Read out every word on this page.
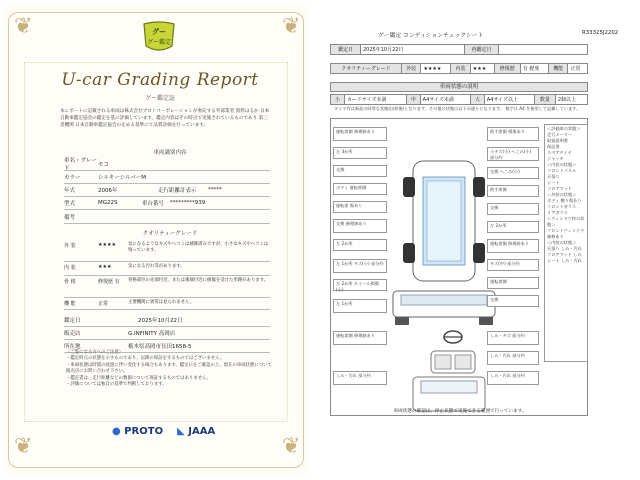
❦	❦
❦	❦
グー
グー鑑定
U-car Grading Report
グー鑑定証
本レポートに記載される車両は株式会社プロトコーポレーションが委託する外部業者 資料はるか 日本自動車鑑定協会の鑑定を基に評価しています。鑑定内容はその時点で実施されているものであり 第三者機関 日本自動車鑑定協会の定める基準にて品質評価を行っています。
車両識別内容
車名・グレード
モコ
カラー	シルキーシルバーM
年式	2006年	走行距離計表示	*****
型式	MG22S	車台番号	*********939
備考
クオリティーグレード
外 装	★★★★	気になるようなキズやヘコミは補修済みですが、小さなキズやヘコミは残っています。
内 装	★★★	気になる汚れ等があります。
骨 格	修復歴 有	骨格部位の先端付近、または後端付近に損傷を受けた形跡があります。
機 能	正常	主要機関に異常は見られません。
鑑定日	2025年10月22日
販売店	G.INFINITY 高岡店
所在地	栃木県高岡市長田1658-5
〈ご覧になる方へのご注意〉
・鑑定時点の状態を示すものであり、以降の保証をするものではございません。
・車両状態は時間の経過に伴い変化する場合もあります。鑑定日をご確認の上、現在の車両状態について販売店にお問い合わせ下さい。
・鑑定書は、走行距離などの数値について保証するものではありません。
・評価については独自の基準で判断しております。
● PROTO ◣ JAAA
グー鑑定 コンディションチェックシート	R33325J2202
鑑定日	2025年10月22日	再鑑定日	
クオリティーグレード	外装	★★★★	内装	★★★	修復歴	有 軽度	機能	正常
車両状態の説明
小	カードサイズ未満	中	A4サイズ未満	大	A4サイズ以上	数量	2個以上
タイヤ有は新品の同等な状態(出荷後)となります。その他の状態は以下の通りとなります。 数字は A4 を使用して記載しています。
運転席側 修理跡あり
左 3か所
交換
ボディ 運転席側
運転席 傷あり
交換 修理跡あり
左 2か所
左 1か所 キズ(小) 部分約
左 2か所 ホイール損傷(小)
左 1か所
助手席側 損傷あり
小キズ(小) へこみ(小) 部分約
交換 へこみ(小)
助手席側
交換
左 2か所
運転席側 修理跡あり
キズ(中) 部分約
運転席側
交換
運転席側 修理跡あり	しみ・キズ 部分約
しみ・汚れ 部分約
しみ・汚れ 部分約	しみ・汚れ 部分約
＜評価車の状態＞
走行メーター
取扱説明書
保証書
スペアタイヤ
ジャッキ
＜内装の状態＞
フロントパネル
天張り
シート
フロアマット
＜外装の状態＞
ボディ 擦り傷あり
フロントガラス
リアガラス
＜ウィンドウ枠の状態＞
フロントウィンドウ 補修あり
＜内装の状態＞
天張り しみ・汚れ
フロアマット しみ
シート しみ・汚れ
車両状態の確認は、停止状態で実施できる範囲で行っています。
